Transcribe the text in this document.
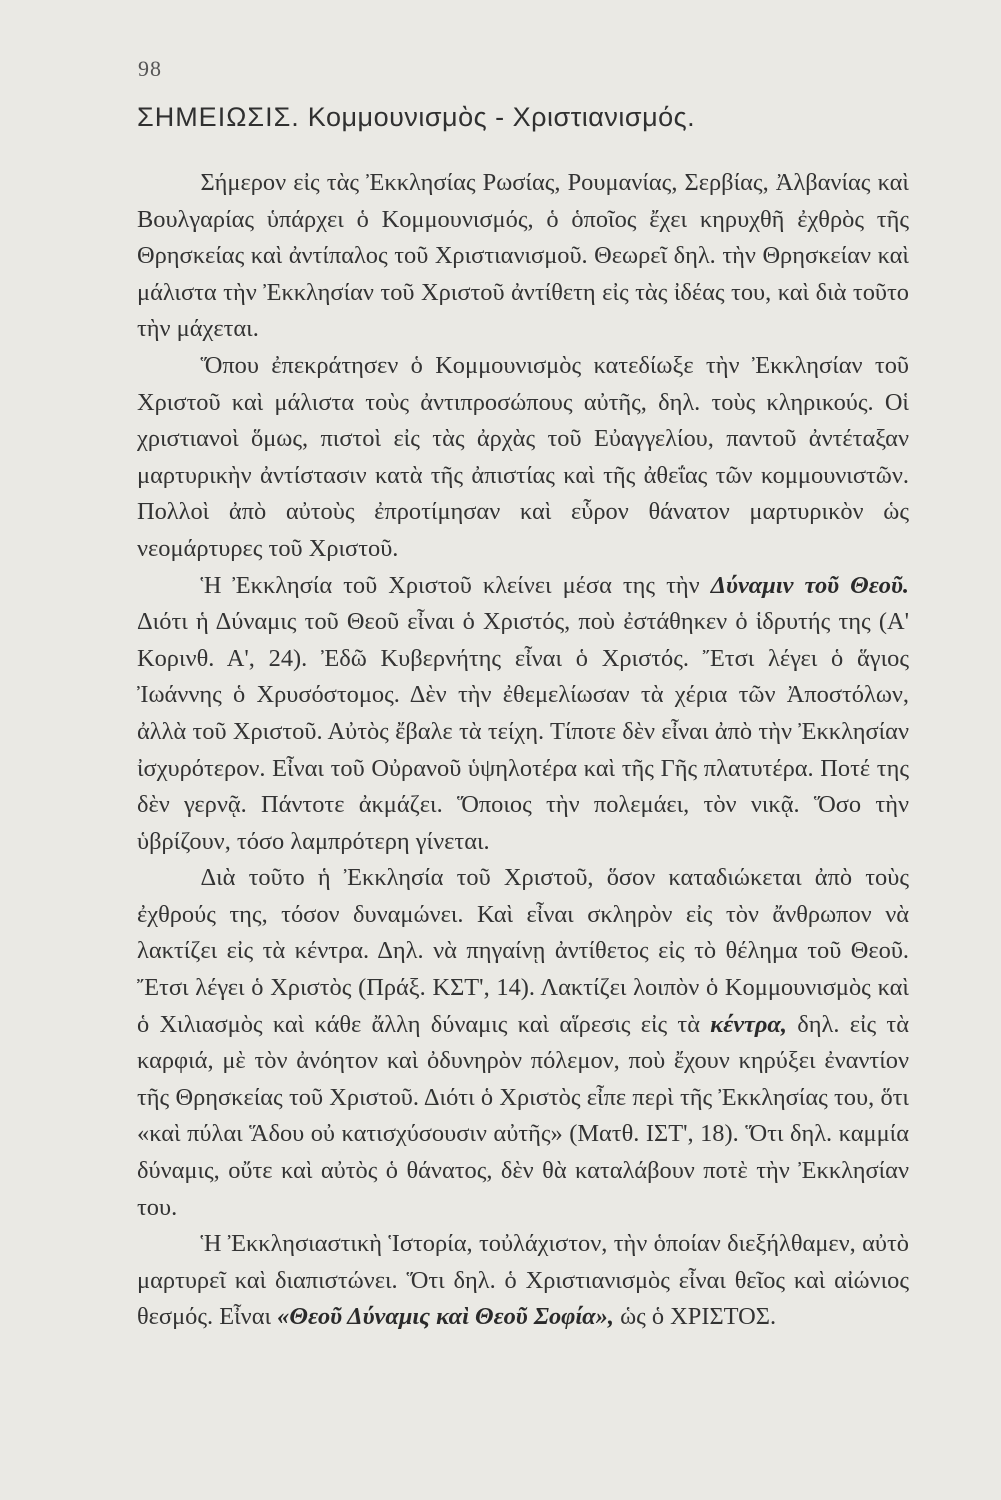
98
ΣΗΜΕΙΩΣΙΣ. Κομμουνισμὸς - Χριστιανισμός.

Σήμερον εἰς τὰς Ἐκκλησίας Ρωσίας, Ρουμανίας, Σερβίας, Ἀλβανίας καὶ Βουλγαρίας ὑπάρχει ὁ Κομμουνισμός, ὁ ὁποῖος ἔχει κηρυχθῆ ἐχθρὸς τῆς Θρησκείας καὶ ἀντίπαλος τοῦ Χριστιανισμοῦ. Θεωρεῖ δηλ. τὴν Θρησκείαν καὶ μάλιστα τὴν Ἐκκλησίαν τοῦ Χριστοῦ ἀντίθετη εἰς τὰς ἰδέας του, καὶ διὰ τοῦτο τὴν μάχεται.

Ὅπου ἐπεκράτησεν ὁ Κομμουνισμὸς κατεδίωξε τὴν Ἐκκλησίαν τοῦ Χριστοῦ καὶ μάλιστα τοὺς ἀντιπροσώπους αὐτῆς, δηλ. τοὺς κληρικούς. Οἱ χριστιανοὶ ὅμως, πιστοὶ εἰς τὰς ἀρχὰς τοῦ Εὐαγγελίου, παντοῦ ἀντέταξαν μαρτυρικὴν ἀντίστασιν κατὰ τῆς ἀπιστίας καὶ τῆς ἀθεΐας τῶν κομμουνιστῶν. Πολλοὶ ἀπὸ αὐτοὺς ἐπροτίμησαν καὶ εὗρον θάνατον μαρτυρικὸν ὡς νεομάρτυρες τοῦ Χριστοῦ.

Ἡ Ἐκκλησία τοῦ Χριστοῦ κλείνει μέσα της τὴν Δύναμιν τοῦ Θεοῦ. Διότι ἡ Δύναμις τοῦ Θεοῦ εἶναι ὁ Χριστός, ποὺ ἐστάθηκεν ὁ ἱδρυτής της (Α' Κορινθ. Α', 24). Ἐδῶ Κυβερνήτης εἶναι ὁ Χριστός. Ἔτσι λέγει ὁ ἅγιος Ἰωάννης ὁ Χρυσόστομος. Δὲν τὴν ἐθεμελίωσαν τὰ χέρια τῶν Ἀποστόλων, ἀλλὰ τοῦ Χριστοῦ. Αὐτὸς ἔβαλε τὰ τείχη. Τίποτε δὲν εἶναι ἀπὸ τὴν Ἐκκλησίαν ἰσχυρότερον. Εἶναι τοῦ Οὐρανοῦ ὑψηλοτέρα καὶ τῆς Γῆς πλατυτέρα. Ποτέ της δὲν γερνᾷ. Πάντοτε ἀκμάζει. Ὅποιος τὴν πολεμάει, τὸν νικᾷ. Ὅσο τὴν ὑβρίζουν, τόσο λαμπρότερη γίνεται.

Διὰ τοῦτο ἡ Ἐκκλησία τοῦ Χριστοῦ, ὅσον καταδιώκεται ἀπὸ τοὺς ἐχθρούς της, τόσον δυναμώνει. Καὶ εἶναι σκληρὸν εἰς τὸν ἄνθρωπον νὰ λακτίζει εἰς τὰ κέντρα. Δηλ. νὰ πηγαίνῃ ἀντίθετος εἰς τὸ θέλημα τοῦ Θεοῦ. Ἔτσι λέγει ὁ Χριστὸς (Πράξ. ΚΣΤ', 14). Λακτίζει λοιπὸν ὁ Κομμουνισμὸς καὶ ὁ Χιλιασμὸς καὶ κάθε ἄλλη δύναμις καὶ αἵρεσις εἰς τὰ κέντρα, δηλ. εἰς τὰ καρφιά, μὲ τὸν ἀνόητον καὶ ὀδυνηρὸν πόλεμον, ποὺ ἔχουν κηρύξει ἐναντίον τῆς Θρησκείας τοῦ Χριστοῦ. Διότι ὁ Χριστὸς εἶπε περὶ τῆς Ἐκκλησίας του, ὅτι «καὶ πύλαι Ἅδου οὐ κατισχύσουσιν αὐτῆς» (Ματθ. ΙΣΤ', 18). Ὅτι δηλ. καμμία δύναμις, οὔτε καὶ αὐτὸς ὁ θάνατος, δὲν θὰ καταλάβουν ποτὲ τὴν Ἐκκλησίαν του.

Ἡ Ἐκκλησιαστικὴ Ἱστορία, τοὐλάχιστον, τὴν ὁποίαν διεξήλθαμεν, αὐτὸ μαρτυρεῖ καὶ διαπιστώνει. Ὅτι δηλ. ὁ Χριστιανισμὸς εἶναι θεῖος καὶ αἰώνιος θεσμός. Εἶναι «Θεοῦ Δύναμις καὶ Θεοῦ Σοφία», ὡς ὁ ΧΡΙΣΤΟΣ.
